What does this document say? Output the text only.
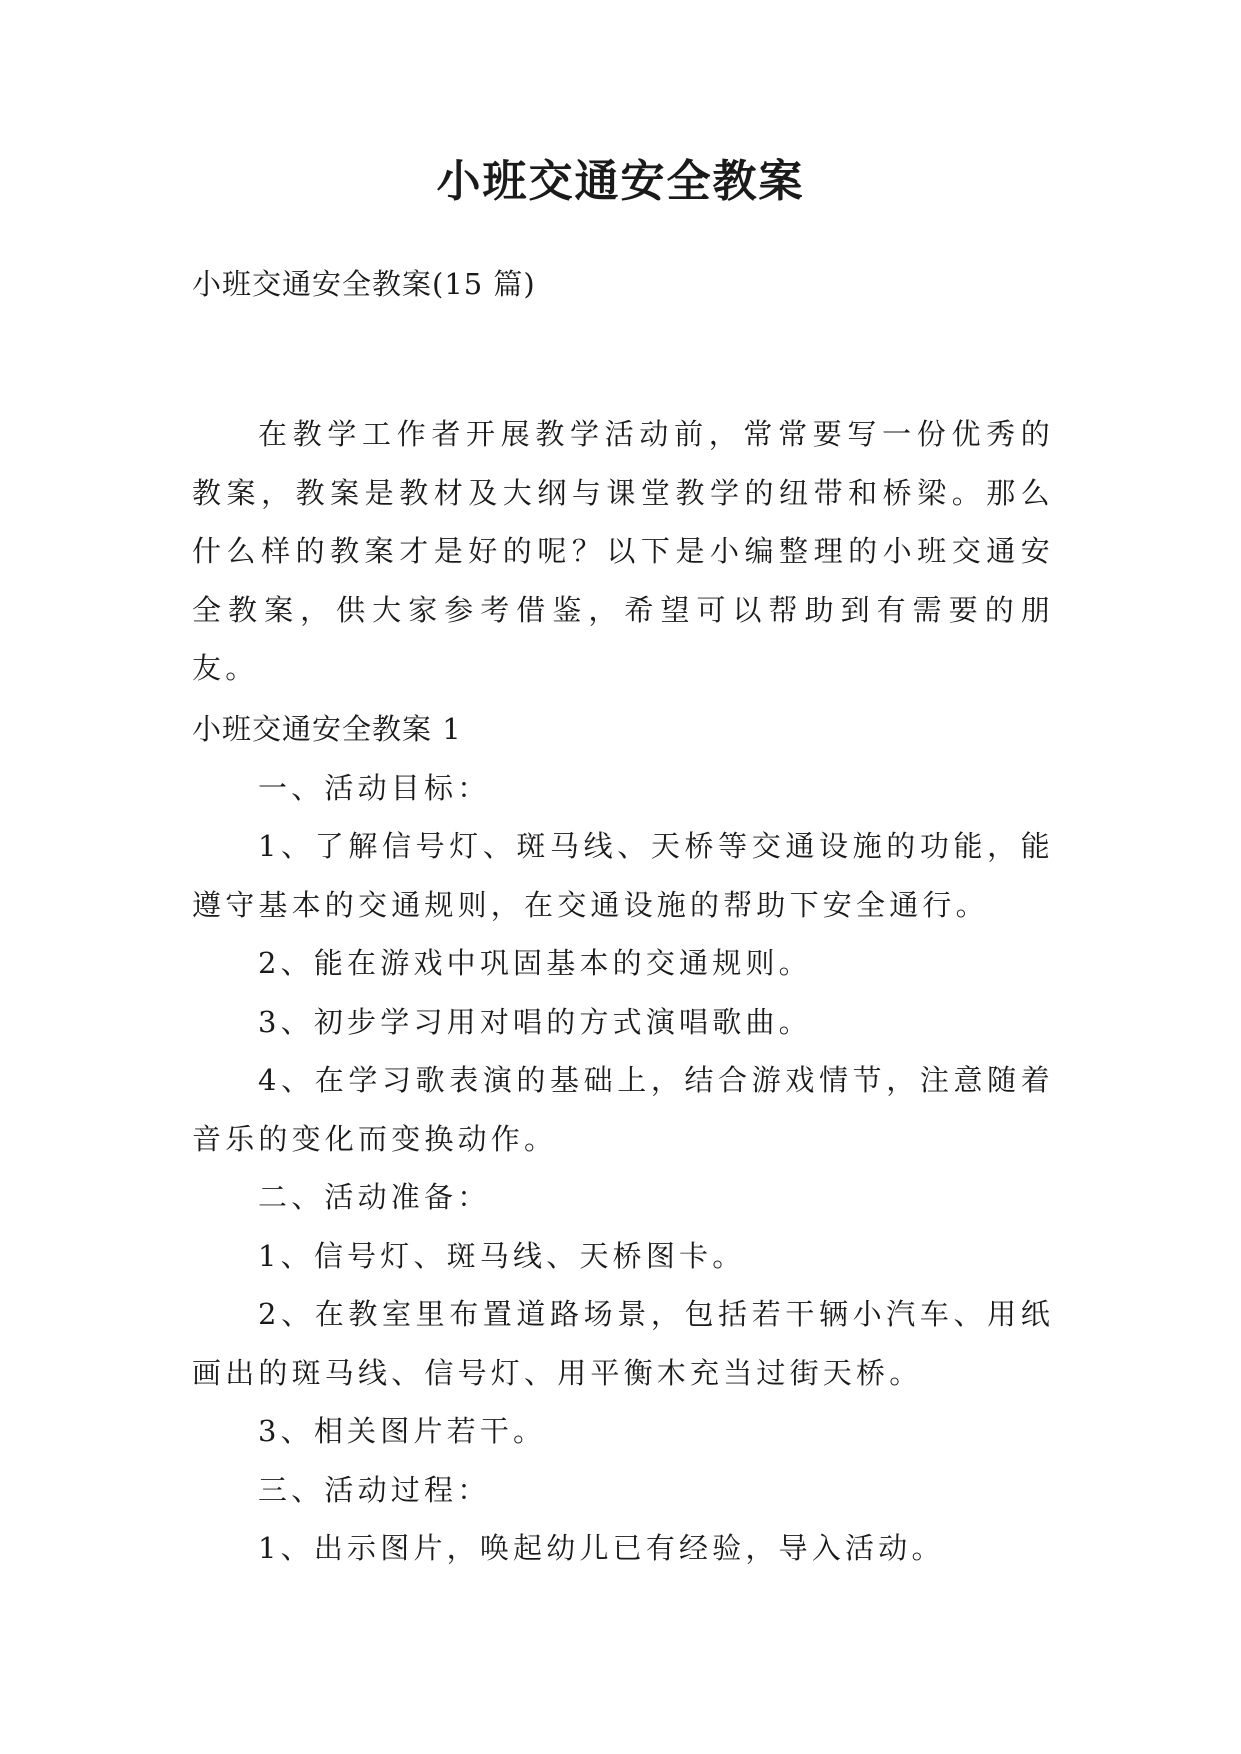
小班交通安全教案
小班交通安全教案(15 篇)

在教学工作者开展教学活动前，常常要写一份优秀的教案，教案是教材及大纲与课堂教学的纽带和桥梁。那么什么样的教案才是好的呢？以下是小编整理的小班交通安全教案，供大家参考借鉴，希望可以帮助到有需要的朋友。

小班交通安全教案 1

一、活动目标：

1、了解信号灯、斑马线、天桥等交通设施的功能，能遵守基本的交通规则，在交通设施的帮助下安全通行。

2、能在游戏中巩固基本的交通规则。

3、初步学习用对唱的方式演唱歌曲。

4、在学习歌表演的基础上，结合游戏情节，注意随着音乐的变化而变换动作。

二、活动准备：

1、信号灯、斑马线、天桥图卡。

2、在教室里布置道路场景，包括若干辆小汽车、用纸画出的斑马线、信号灯、用平衡木充当过街天桥。

3、相关图片若干。

三、活动过程：

1、出示图片，唤起幼儿已有经验，导入活动。
